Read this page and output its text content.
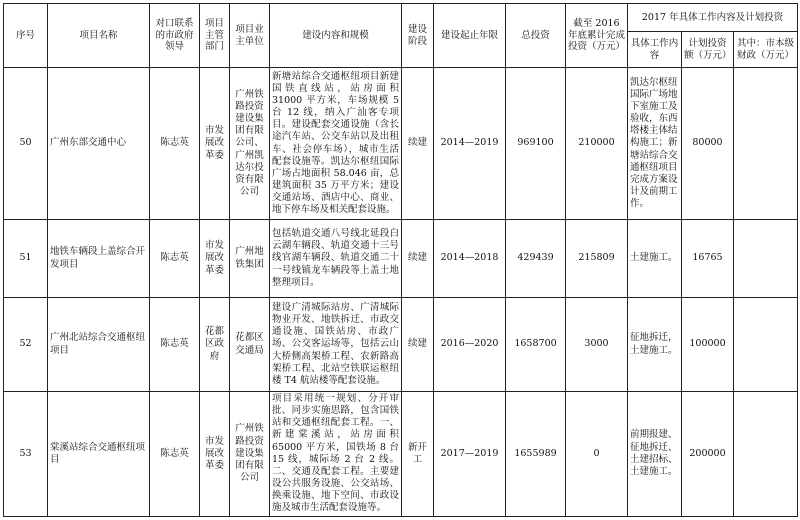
序号	项目名称	对口联系的市政府领导	项目主管部门	项目业主单位	建设内容和规模	建设阶段	建设起止年限	总投资	截至 2016 年底累计完成投资（万元）	2017 年具体工作内容及计划投资		
										具体工作内容	计划投资额（万元）	其中：市本级财政（万元）
50	广州东部交通中心	陈志英	市发展改革委	广州铁路投资建设集团有限公司、广州凯达尔投资有限公司	新塘站综合交通枢纽项目新建国铁直线站，站房面积 31000 平方米，车场规模 5 台 12 线，纳入广汕客专项目。建设配套交通设施（含长途汽车站、公交车站以及出租车、社会停车场），城市生活配套设施等。凯达尔枢纽国际广场占地面积 58.046 亩，总建筑面积 35 万平方米；建设交通站场、酒店中心、商业、地下停车场及相关配套设施。	续建	2014—2019	969100	210000	凯达尔枢纽国际广场地下室施工及验收，东西塔楼主体结构施工；新塘站综合交通枢纽项目完成方案设计及前期工作。	80000	
51	地铁车辆段上盖综合开发项目	陈志英	市发展改革委	广州地铁集团	包括轨道交通八号线北延段白云湖车辆段、轨道交通十三号线官湖车辆段、轨道交通二十一号线镇龙车辆段等上盖土地整理项目。	续建	2014—2018	429439	215809	土建施工。	16765	
52	广州北站综合交通枢纽项目	陈志英	花都区政府	花都区交通局	建设广清城际站房、广清城际物业开发、地铁拆迁、市政交通设施、国铁站房、市政广场、公交客运场等，包括云山大桥侧高架桥工程、农新路高架桥工程、北站空铁联运枢纽楼 T4 航站楼等配套设施。	续建	2016—2020	1658700	3000	征地拆迁，土建施工。	100000	
53	棠溪站综合交通枢纽项目	陈志英	市发展改革委	广州铁路投资建设集团有限公司	项目采用统一规划、分开审批、同步实施思路，包含国铁站和交通枢纽配套工程。一、新建棠溪站，站房面积 65000 平方米，国铁场 8 台 15 线，城际场 2 台 2 线。二、交通及配套工程。主要建设公共服务设施、公交站场、换乘设施、地下空间、市政设施及城市生活配套设施等。	新开工	2017—2019	1655989	0	前期报建、征地拆迁、土建招标、土建施工。	200000	
